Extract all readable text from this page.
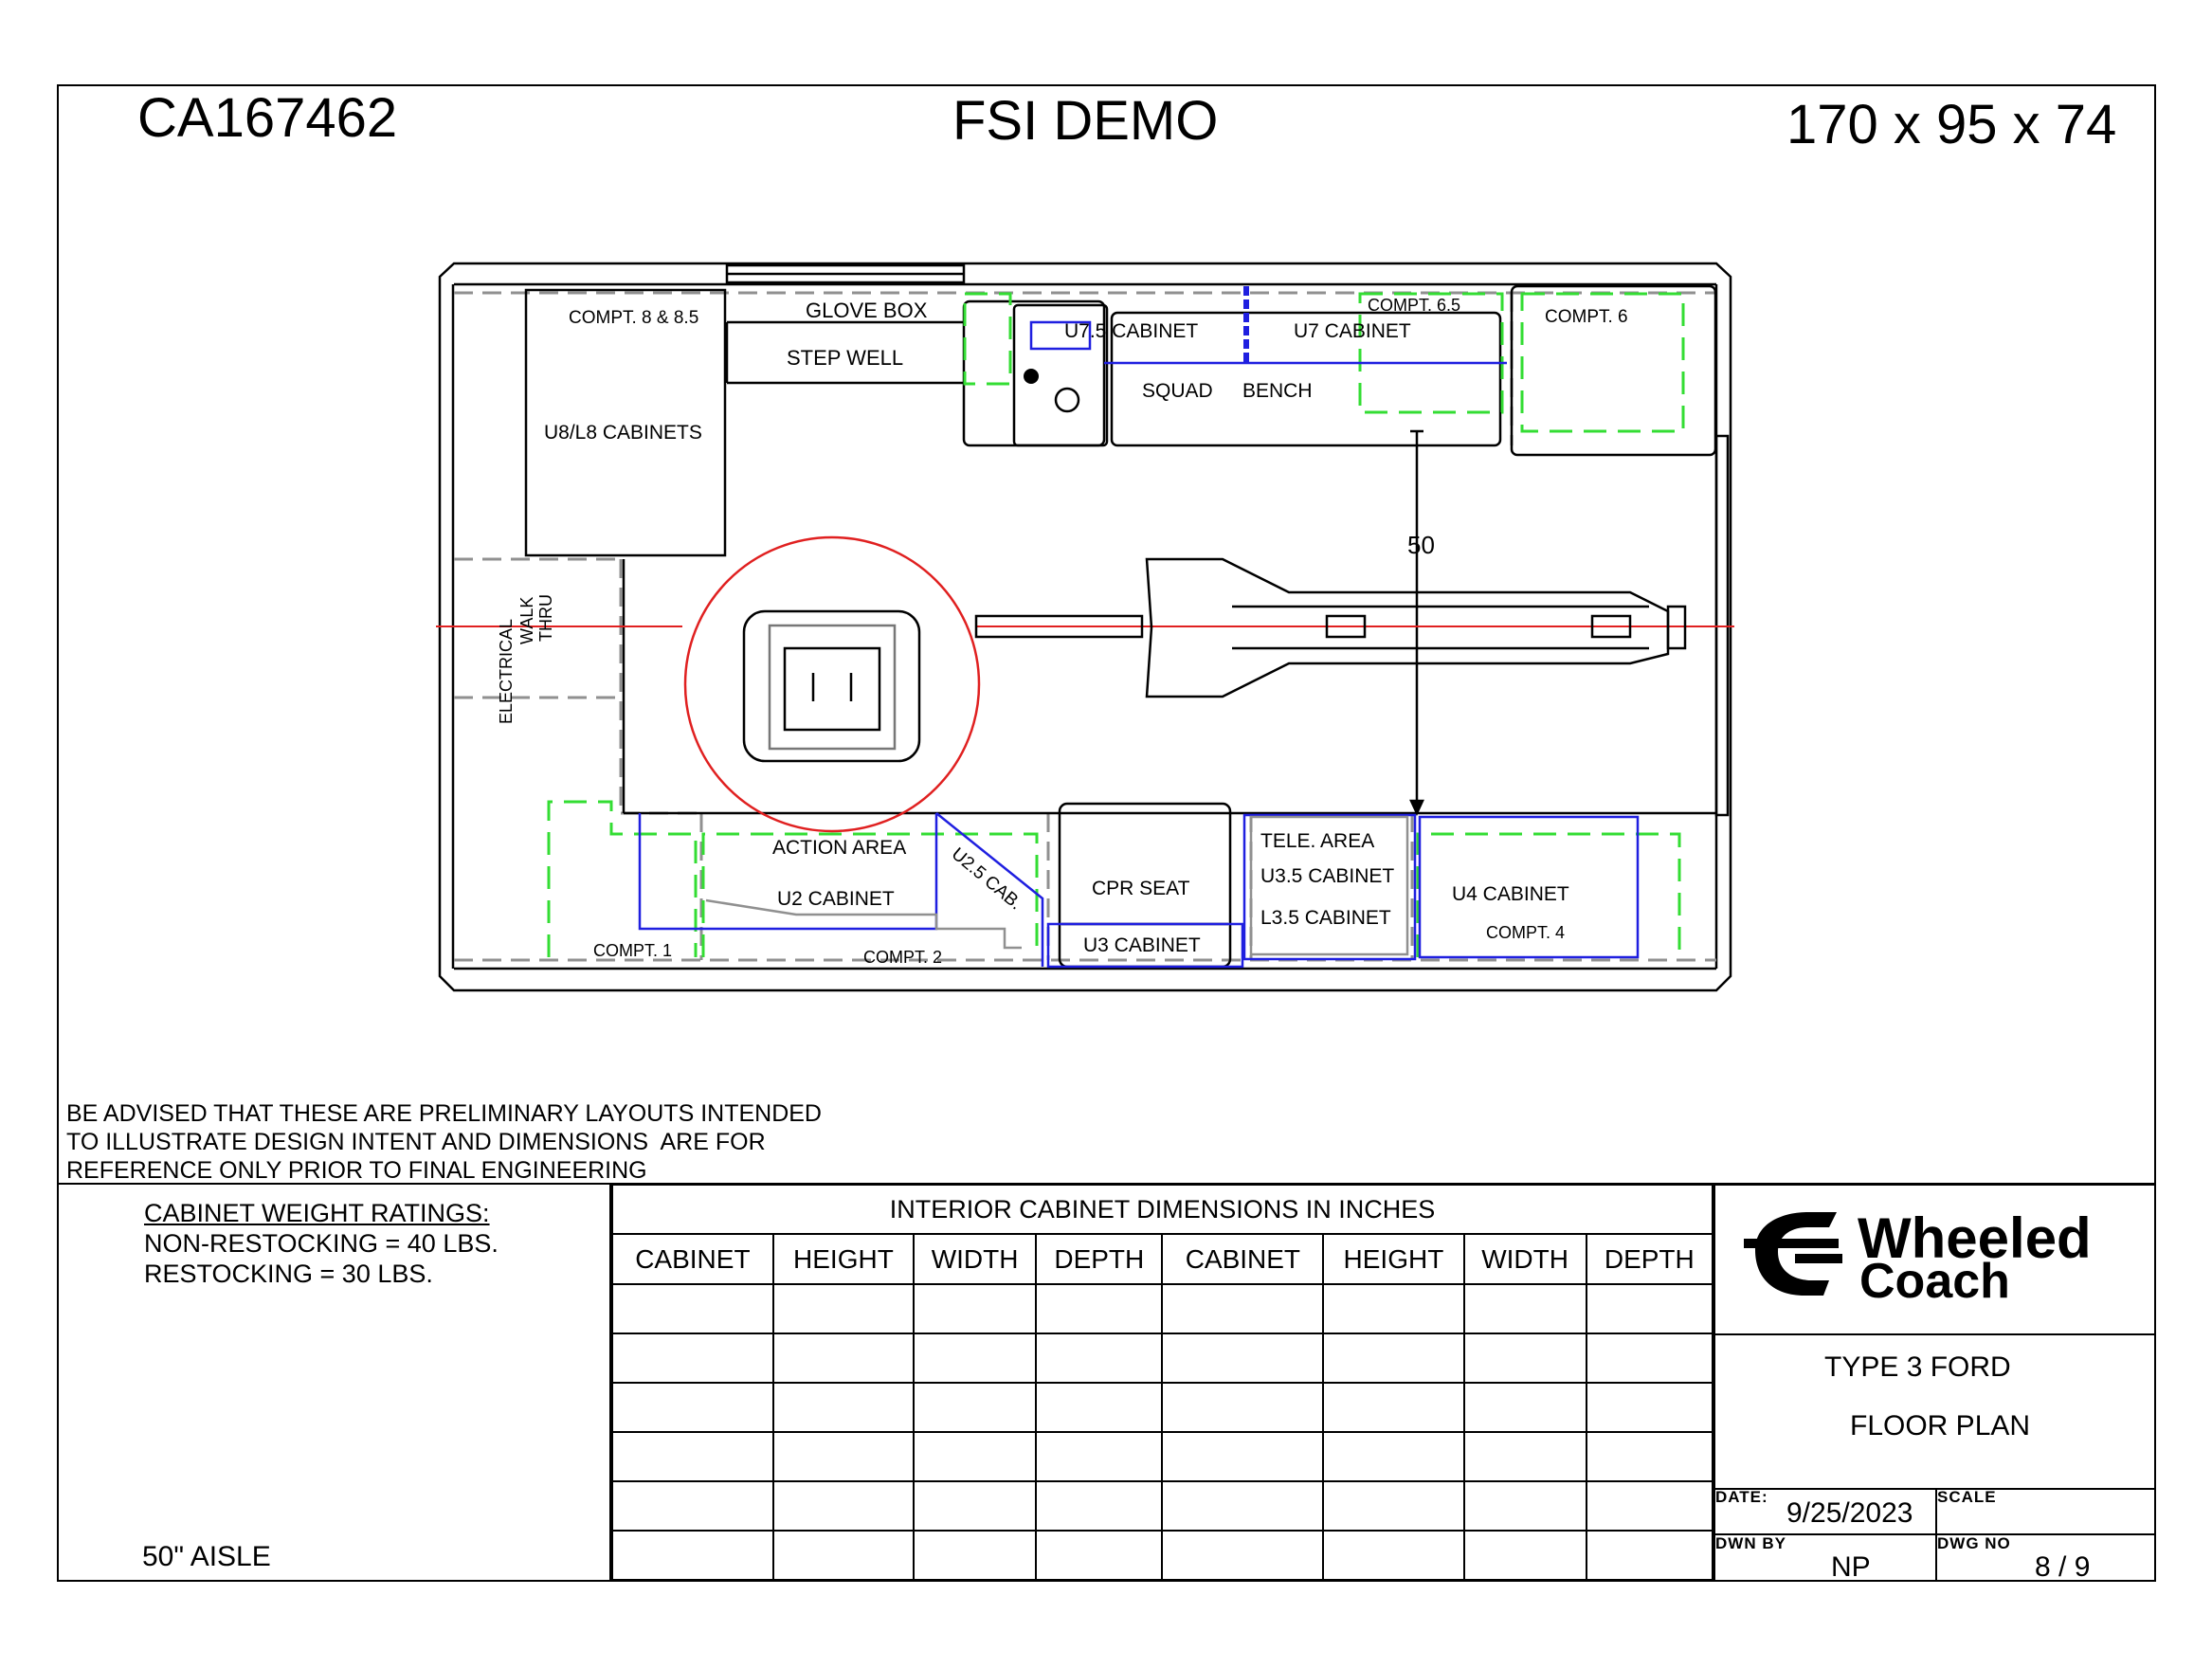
CA167462	FSI DEMO	170 x 95 x 74
COMPT. 8 & 8.5
U8/L8 CABINETS
GLOVE BOX
STEP WELL
U7.5 CABINET	U7 CABINET
COMPT. 6.5
COMPT. 6
SQUAD BENCH
50
ELECTRICAL WALK THRU
ACTION AREA
U2 CABINET	U2.5 CAB.
COMPT. 1	COMPT. 2
CPR SEAT
U3 CABINET
TELE. AREA
U3.5 CABINET
L3.5 CABINET
U4 CABINET
COMPT. 4
BE ADVISED THAT THESE ARE PRELIMINARY LAYOUTS INTENDED
TO ILLUSTRATE DESIGN INTENT AND DIMENSIONS  ARE FOR
REFERENCE ONLY PRIOR TO FINAL ENGINEERING
CABINET WEIGHT RATINGS:
NON-RESTOCKING = 40 LBS.
RESTOCKING = 30 LBS.
50" AISLE
INTERIOR CABINET DIMENSIONS IN INCHES							
CABINET	HEIGHT	WIDTH	DEPTH	CABINET	HEIGHT	WIDTH	DEPTH

								Wheeled
Coach
TYPE 3 FORD
FLOOR PLAN
DATE:
9/25/2023
SCALE
DWN BY
NP
DWG NO
8 / 9
